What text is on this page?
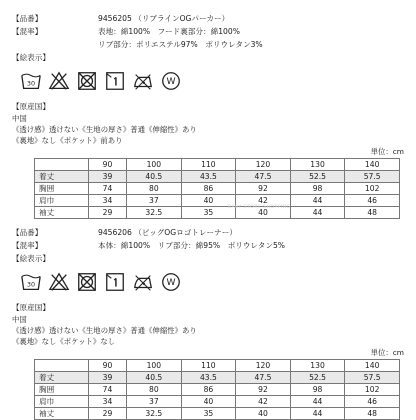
【品番】	9456205 （リブラインOGパーカー）
【混率】	表地：綿100%　フード裏部分：綿100%
リブ部分：ポリエステル97%　ポリウレタン3%
【絵表示】
30	W
【原産国】
中国
《透け感》透けない《生地の厚さ》普通《伸縮性》あり
《裏地》なし《ポケット》前あり
単位：cm
	90	100	110	120	130	140
着丈	39	40.5	43.5	47.5	52.5	57.5
胸囲	74	80	86	92	98	102
肩巾	34	37	40	42	44	46
袖丈	29	32.5	35	40	44	48
BABY STORE SHOPPING
【品番】	9456206 （ビッグOGロゴトレーナー）
【混率】	本体：綿100%　リブ部分：綿95%　ポリウレタン5%
【絵表示】
30	W
【原産国】
中国
《透け感》透けない《生地の厚さ》普通《伸縮性》あり
《裏地》なし《ポケット》なし
単位：cm
	90	100	110	120	130	140
着丈	39	40.5	43.5	47.5	52.5	57.5
胸囲	74	80	86	92	98	102
肩巾	34	37	40	42	44	46
袖丈	29	32.5	35	40	44	48
